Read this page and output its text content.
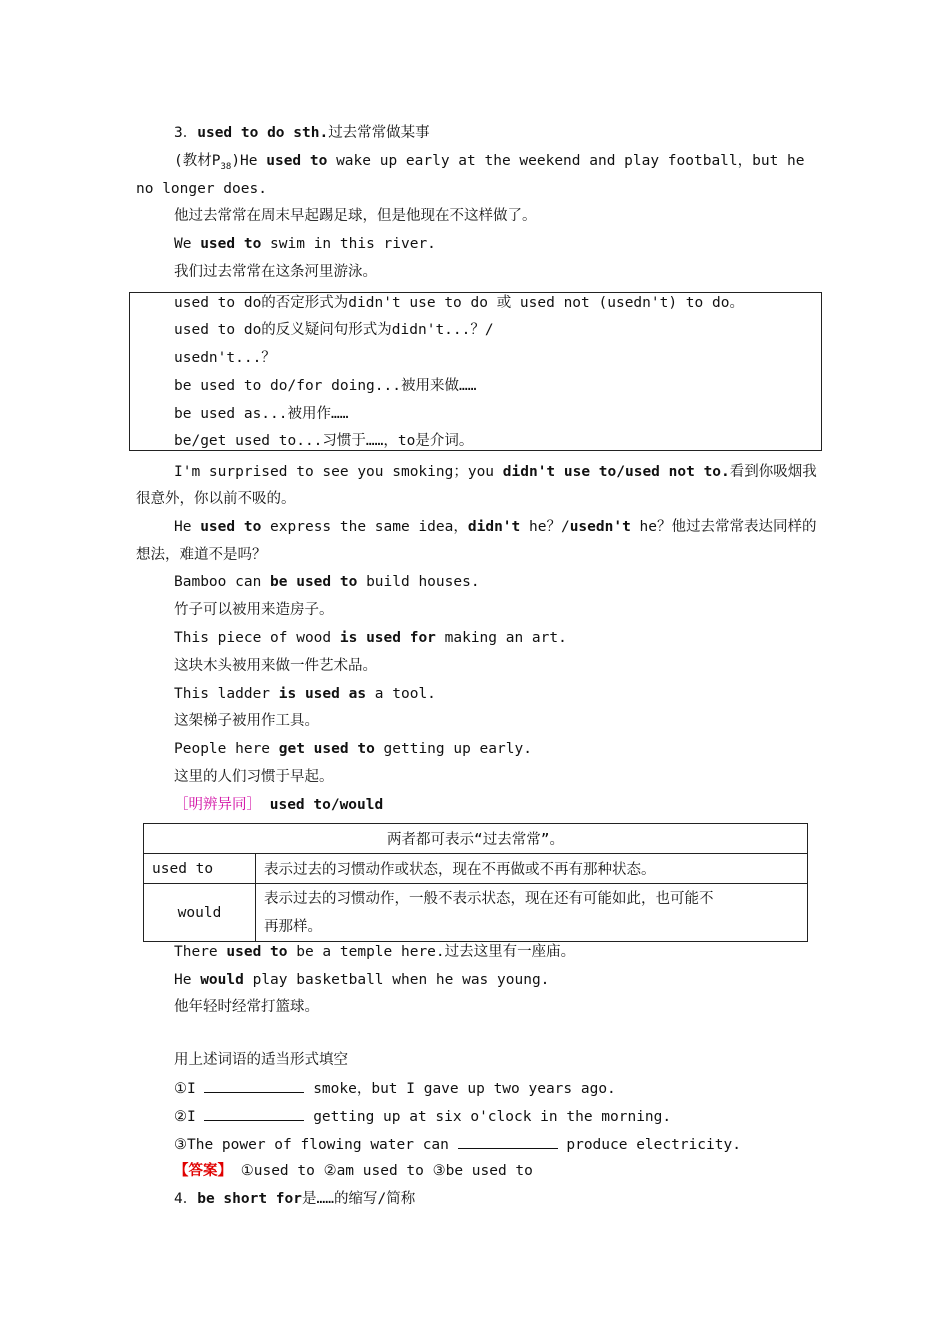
3．used to do sth.过去常常做某事
(教材$P_{38})He$ used to wake up early at the weekend and play football，but he
no longer does.
他过去常常在周末早起踢足球，但是他现在不这样做了。
We used to swim in this river.
我们过去常常在这条河里游泳。
used to do的否定形式为didn't use to do 或 used not (usedn't) to do。
used to do的反义疑问句形式为didn't...？/
usedn't...？
be used to do/for doing...被用来做……
be used as...被用作……
be/get used to...习惯于……，to是介词。
I'm surprised to see you smoking；you didn't use to/used not to.看到你吸烟我
很意外，你以前不吸的。
He used to express the same idea，didn't he？/usedn't he？他过去常常表达同样的
想法，难道不是吗？
Bamboo can be used to build houses.
竹子可以被用来造房子。
This piece of wood is used for making an art.
这块木头被用来做一件艺术品。
This ladder is used as a tool.
这架梯子被用作工具。
People here get used to getting up early.
这里的人们习惯于早起。
［明辨异同］ used to/would
两者都可表示“过去常常”。	
used to	表示过去的习惯动作或状态，现在不再做或不再有那种状态。
would	表示过去的习惯动作，一般不表示状态，现在还有可能如此，也可能不
再那样。
There used to be a temple here.过去这里有一座庙。
He would play basketball when he was young.
他年轻时经常打篮球。
用上述词语的适当形式填空
①I	smoke，but I gave up two years ago.
②I	getting up at six o'clock in the morning.
③The power of flowing water can	produce electricity.
【答案】 ①used to ②am used to ③be used to
4．be short for是……的缩写/简称
